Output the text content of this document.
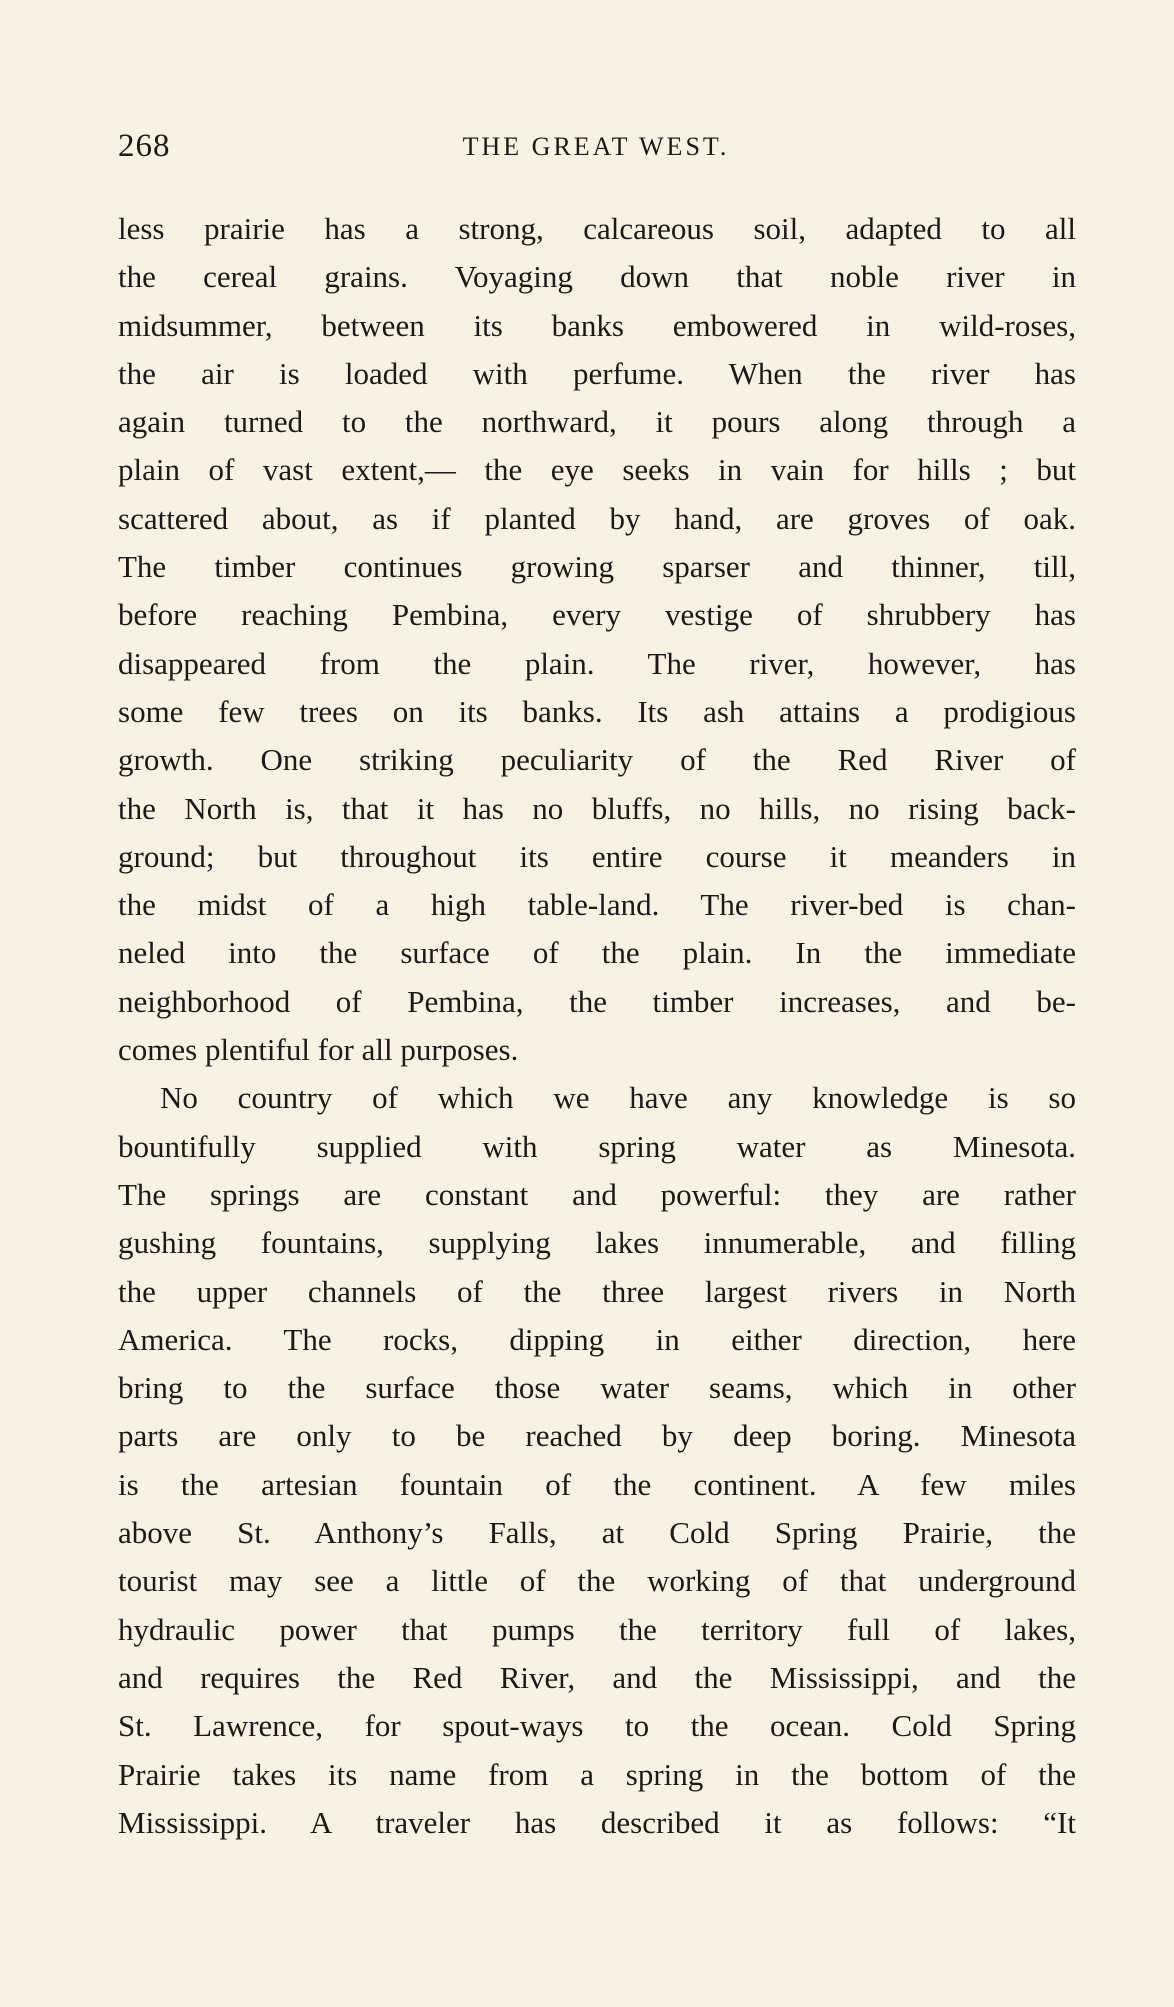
268	THE GREAT WEST.
less prairie has a strong, calcareous soil, adapted to all
the cereal grains. Voyaging down that noble river in
midsummer, between its banks embowered in wild-roses,
the air is loaded with perfume. When the river has
again turned to the northward, it pours along through a
plain of vast extent,— the eye seeks in vain for hills ; but
scattered about, as if planted by hand, are groves of oak.
The timber continues growing sparser and thinner, till,
before reaching Pembina, every vestige of shrubbery has
disappeared from the plain. The river, however, has
some few trees on its banks. Its ash attains a prodigious
growth. One striking peculiarity of the Red River of
the North is, that it has no bluffs, no hills, no rising back-
ground; but throughout its entire course it meanders in
the midst of a high table-land. The river-bed is chan-
neled into the surface of the plain. In the immediate
neighborhood of Pembina, the timber increases, and be-
comes plentiful for all purposes.
No country of which we have any knowledge is so
bountifully supplied with spring water as Minesota.
The springs are constant and powerful: they are rather
gushing fountains, supplying lakes innumerable, and filling
the upper channels of the three largest rivers in North
America. The rocks, dipping in either direction, here
bring to the surface those water seams, which in other
parts are only to be reached by deep boring. Minesota
is the artesian fountain of the continent. A few miles
above St. Anthony’s Falls, at Cold Spring Prairie, the
tourist may see a little of the working of that underground
hydraulic power that pumps the territory full of lakes,
and requires the Red River, and the Mississippi, and the
St. Lawrence, for spout-ways to the ocean. Cold Spring
Prairie takes its name from a spring in the bottom of the
Mississippi. A traveler has described it as follows: “It
